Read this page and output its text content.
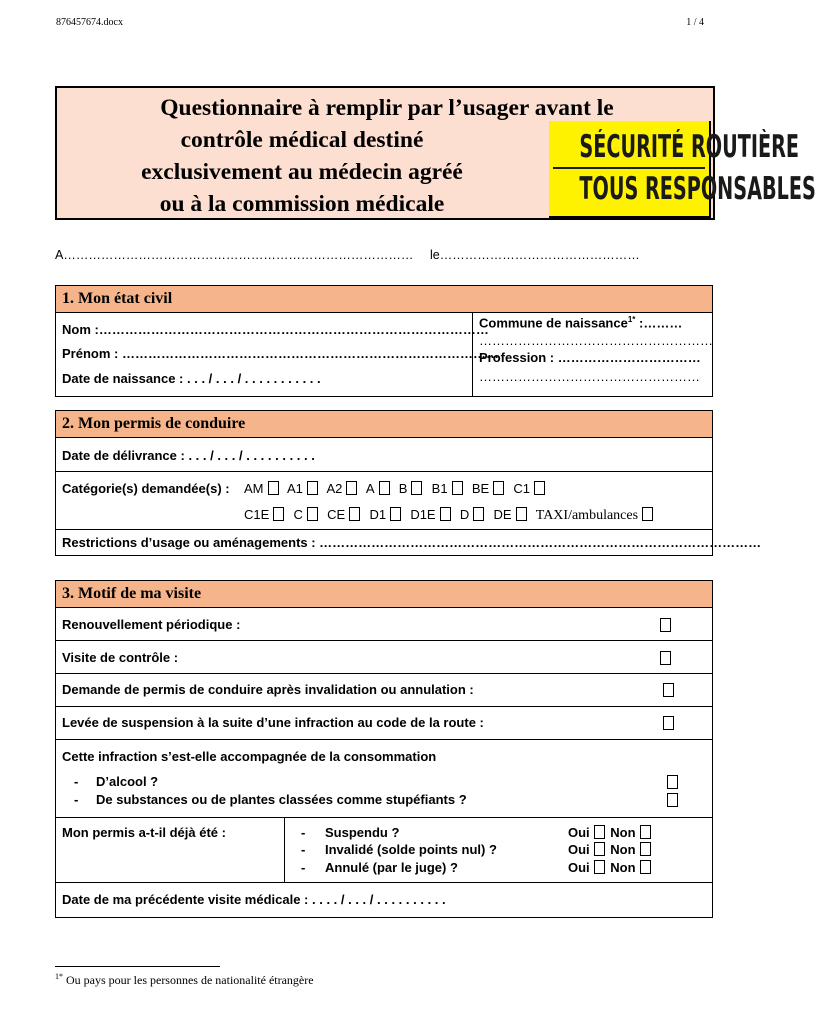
876457674.docx	1 / 4
Questionnaire à remplir par l’usager avant le
contrôle médical destiné
exclusivement au médecin agréé
ou à la commission médicale
SÉCURITÉ ROUTIÈRE
TOUS RESPONSABLES
A………………………………………………………………………… le…………………………………………
1. Mon état civil
Nom :………………………………………………………………………………
Prénom : ……………………………………………………………………………
Date de naissance : . . . / . . . / . . . . . . . . . . .
Commune de naissance$^{1*}$ :………
………………………………………………
Profession : ……………………………
……………………………………………
2. Mon permis de conduire
Date de délivrance : . . . / . . . / . . . . . . . . . .
Catégorie(s) demandée(s) : AM A1 A2 A B B1 BE C1
C1E C CE D1 D1E D DE TAXI/ambulances
Restrictions d’usage ou aménagements : …………………………………………………………………………………………
3. Motif de ma visite
Renouvellement périodique :
Visite de contrôle :
Demande de permis de conduire après invalidation ou annulation :
Levée de suspension à la suite d’une infraction au code de la route :
Cette infraction s’est-elle accompagnée de la consommation
- D’alcool ?
- De substances ou de plantes classées comme stupéfiants ?
Mon permis a-t-il déjà été :	- Suspendu ?	Oui Non
- Invalidé (solde points nul) ?	Oui Non
- Annulé (par le juge) ?	Oui Non
Date de ma précédente visite médicale : . . . . / . . . / . . . . . . . . . .
$^{1*}$ Ou pays pour les personnes de nationalité étrangère
